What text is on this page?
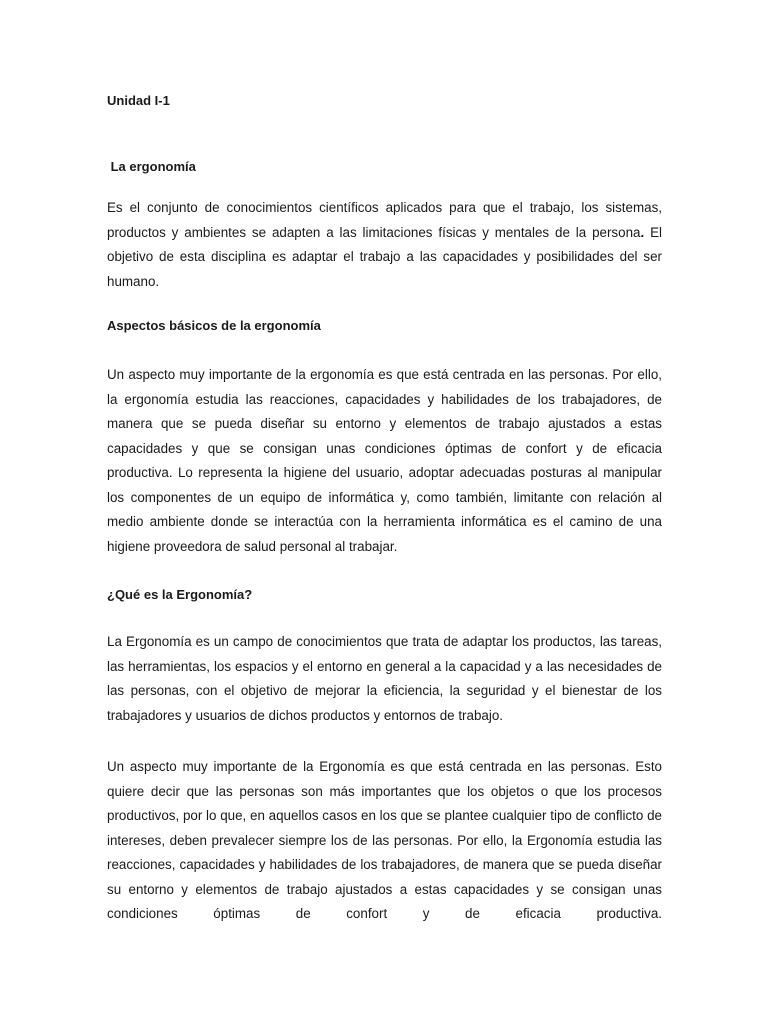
Unidad I-1
La ergonomía
Es el conjunto de conocimientos científicos aplicados para que el trabajo, los sistemas, productos y ambientes se adapten a las limitaciones físicas y mentales de la persona. El objetivo de esta disciplina es adaptar el trabajo a las capacidades y posibilidades del ser humano.
Aspectos básicos de la ergonomía
Un aspecto muy importante de la ergonomía es que está centrada en las personas. Por ello, la ergonomía estudia las reacciones, capacidades y habilidades de los trabajadores, de manera que se pueda diseñar su entorno y elementos de trabajo ajustados a estas capacidades y que se consigan unas condiciones óptimas de confort y de eficacia productiva. Lo representa la higiene del usuario, adoptar adecuadas posturas al manipular los componentes de un equipo de informática y, como también, limitante con relación al medio ambiente donde se interactúa con la herramienta informática es el camino de una higiene proveedora de salud personal al trabajar.
¿Qué es la Ergonomía?
La Ergonomía es un campo de conocimientos que trata de adaptar los productos, las tareas, las herramientas, los espacios y el entorno en general a la capacidad y a las necesidades de las personas, con el objetivo de mejorar la eficiencia, la seguridad y el bienestar de los trabajadores y usuarios de dichos productos y entornos de trabajo.
Un aspecto muy importante de la Ergonomía es que está centrada en las personas. Esto quiere decir que las personas son más importantes que los objetos o que los procesos productivos, por lo que, en aquellos casos en los que se plantee cualquier tipo de conflicto de intereses, deben prevalecer siempre los de las personas. Por ello, la Ergonomía estudia las reacciones, capacidades y habilidades de los trabajadores, de manera que se pueda diseñar su entorno y elementos de trabajo ajustados a estas capacidades y se consigan unas condiciones óptimas de confort y de eficacia productiva.
